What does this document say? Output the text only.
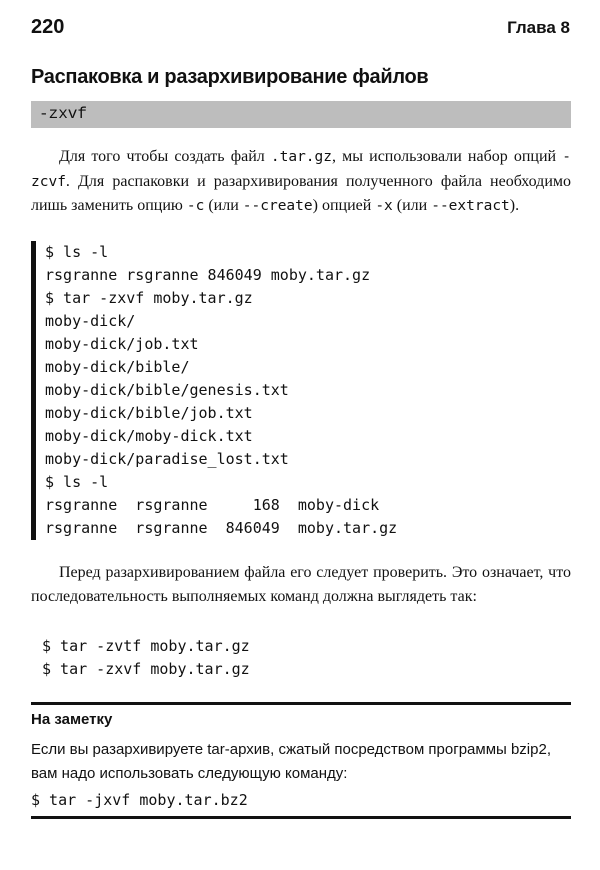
220	Глава 8
Распаковка и разархивирование файлов
-zxvf

Для того чтобы создать файл .tar.gz, мы использовали набор опций -zcvf. Для распаковки и разархивирования полученного файла необходимо лишь заменить опцию -c (или --create) опцией -x (или --extract).

$ ls -l
rsgranne rsgranne 846049 moby.tar.gz
$ tar -zxvf moby.tar.gz
moby-dick/
moby-dick/job.txt
moby-dick/bible/
moby-dick/bible/genesis.txt
moby-dick/bible/job.txt
moby-dick/moby-dick.txt
moby-dick/paradise_lost.txt
$ ls -l
rsgranne  rsgranne     168  moby-dick
rsgranne  rsgranne  846049  moby.tar.gz

Перед разархивированием файла его следует проверить. Это означает, что последовательность выполняемых команд должна выглядеть так:

$ tar -zvtf moby.tar.gz
$ tar -zxvf moby.tar.gz
На заметку

Если вы разархивируете tar-архив, сжатый посредством программы bzip2, вам надо использовать следующую команду:

$ tar -jxvf moby.tar.bz2
